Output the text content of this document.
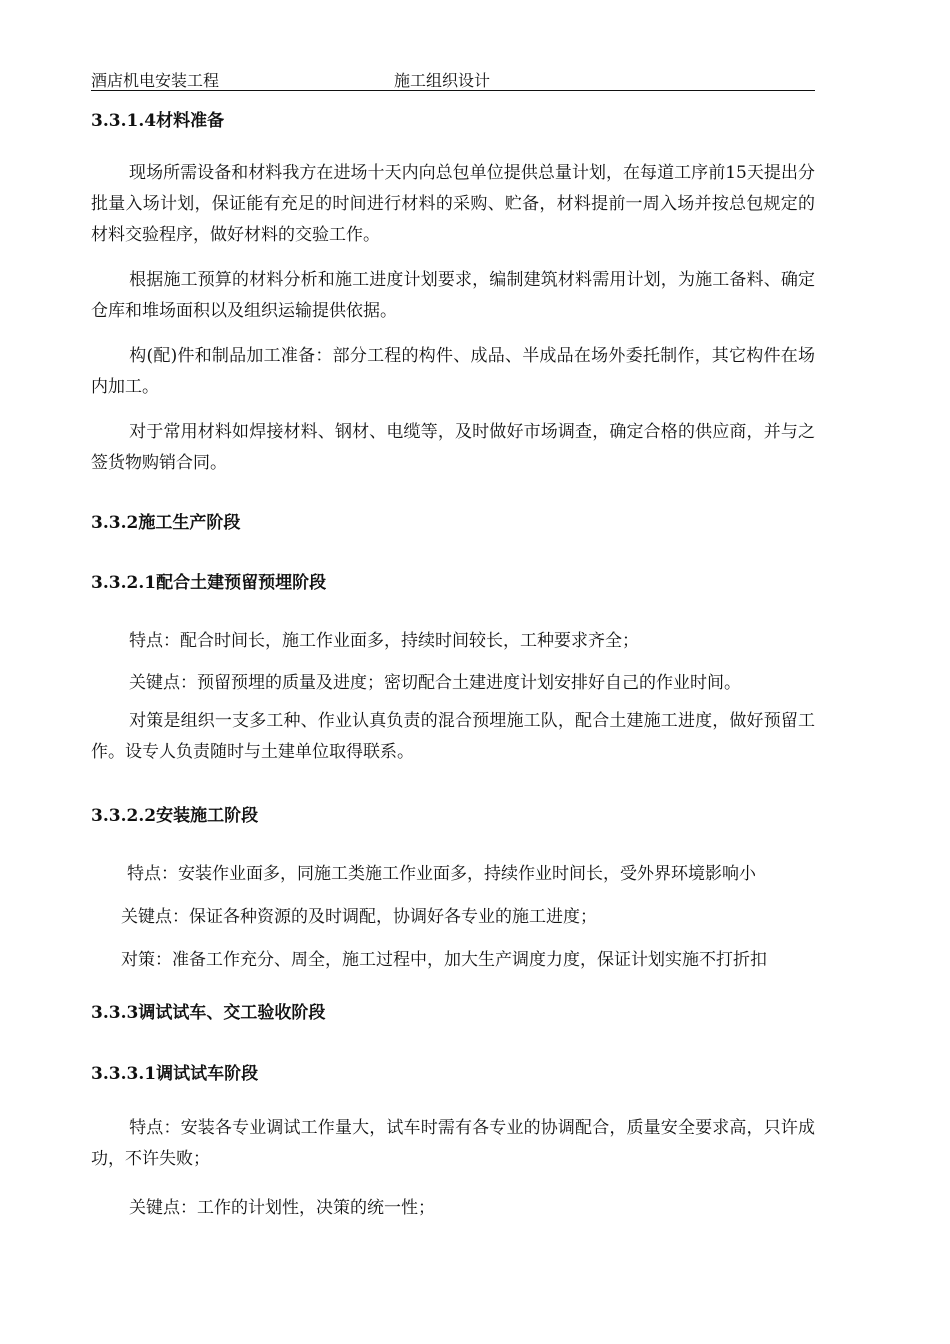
酒店机电安装工程	施工组织设计
3.3.1.4材料准备
现场所需设备和材料我方在进场十天内向总包单位提供总量计划，在每道工序前15天提出分批量入场计划，保证能有充足的时间进行材料的采购、贮备，材料提前一周入场并按总包规定的材料交验程序，做好材料的交验工作。
根据施工预算的材料分析和施工进度计划要求，编制建筑材料需用计划，为施工备料、确定仓库和堆场面积以及组织运输提供依据。
构(配)件和制品加工准备：部分工程的构件、成品、半成品在场外委托制作，其它构件在场内加工。
对于常用材料如焊接材料、钢材、电缆等，及时做好市场调查，确定合格的供应商，并与之签货物购销合同。
3.3.2施工生产阶段
3.3.2.1配合土建预留预埋阶段
特点：配合时间长，施工作业面多，持续时间较长，工种要求齐全；
关键点：预留预埋的质量及进度；密切配合土建进度计划安排好自己的作业时间。
对策是组织一支多工种、作业认真负责的混合预埋施工队，配合土建施工进度，做好预留工作。设专人负责随时与土建单位取得联系。
3.3.2.2安装施工阶段
特点：安装作业面多，同施工类施工作业面多，持续作业时间长，受外界环境影响小
关键点：保证各种资源的及时调配，协调好各专业的施工进度；
对策：准备工作充分、周全，施工过程中，加大生产调度力度，保证计划实施不打折扣
3.3.3调试试车、交工验收阶段
3.3.3.1调试试车阶段
特点：安装各专业调试工作量大，试车时需有各专业的协调配合，质量安全要求高，只许成功，不许失败；
关键点：工作的计划性，决策的统一性；
